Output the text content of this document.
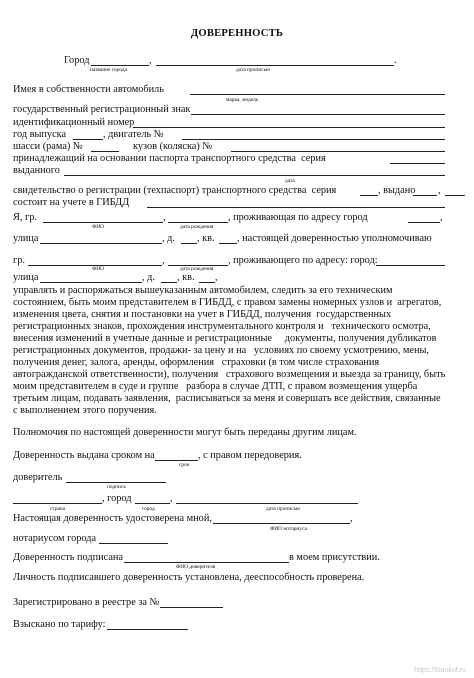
ДОВЕРЕННОСТЬ
Город	,	.
название города	дата прописью
Имея в собственности автомобиль
марка, модель
государственный регистрационный знак
идентификационный номер
год выпуска	, двигатель №
шасси (рама) №	кузов (коляска) №
принадлежащий на основании паспорта транспортного средства  серия
выданного
дата
свидетельство о регистрации (техпаспорт) транспортного средства  серия	, выдано ,
состоит на учете в ГИБДД
Я, гр.	,	, проживающая по адресу город	,
ФИО	дата рождения
улица	, д. , кв. , настоящей доверенностью уполномочиваю
гр.	,	, проживающего по адресу: город:
ФИО	дата рождения
улица	, д. , кв. ,
управлять и распоряжаться вышеуказанным автомобилем, следить за его техническим
состоянием, быть моим представителем в ГИБДД, с правом замены номерных узлов и  агрегатов,
изменения цвета, снятия и постановки на учет в ГИБДД, получения  государственных
регистрационных знаков, прохождения инструментального контроля и   технического осмотра,
внесения изменений в учетные данные и регистрационные     документы, получения дубликатов
регистрационных документов, продажи- за цену и на   условиях по своему усмотрению, мены,
получения денег, залога, аренды, оформления   страховки (в том числе страхования
автогражданской ответственности), получения   страхового возмещения и выезда за границу, быть
моим представителем в суде и группе   разбора в случае ДТП, с правом возмещения ущерба
третьим лицам, подавать заявления,  расписываться за меня и совершать все действия, связанные
с выполнением этого поручения.
Полномочия по настоящей доверенности могут быть переданы другим лицам.
Доверенность выдана сроком на	, с правом передоверия.
срок
доверитель
подпись
, город	,
страна	город	дата прописью
Настоящая доверенность удостоверена мной,	,
ФИО нотариуса
нотариусом города
Доверенность подписана	в моем присутствии.
ФИО доверителя
Личность подписавшего доверенность установлена, дееспособность проверена.
Зарегистрировано в реестре за №
Взыскано по тарифу:
https://blankof.ru
